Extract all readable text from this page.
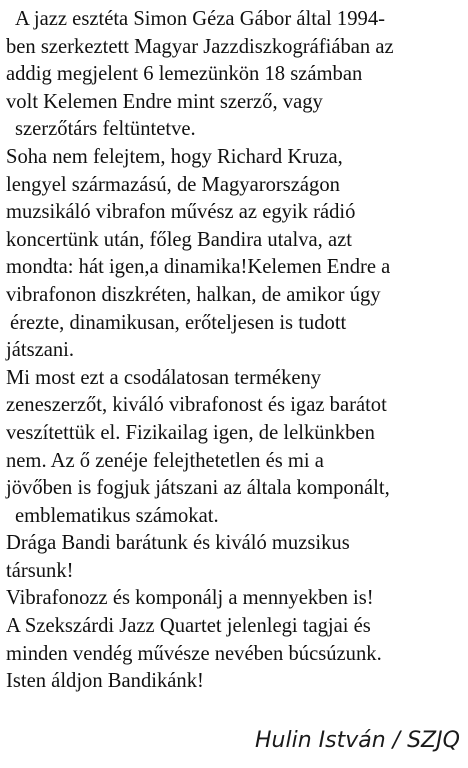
A jazz esztéta Simon Géza Gábor által 1994-
ben szerkeztett Magyar Jazzdiszkográfiában az
addig megjelent 6 lemezünkön 18 számban
volt Kelemen Endre mint szerző, vagy
szerzőtárs feltüntetve.
Soha nem felejtem, hogy Richard Kruza,
lengyel származású, de Magyarországon
muzsikáló vibrafon művész az egyik rádió
koncertünk után, főleg Bandira utalva, azt
mondta: hát igen,a dinamika!Kelemen Endre a
vibrafonon diszkréten, halkan, de amikor úgy
érezte, dinamikusan, erőteljesen is tudott
játszani.
Mi most ezt a csodálatosan termékeny
zeneszerzőt, kiváló vibrafonost és igaz barátot
veszítettük el. Fizikailag igen, de lelkünkben
nem. Az ő zenéje felejthetetlen és mi a
jövőben is fogjuk játszani az általa komponált,
emblematikus számokat.
Drága Bandi barátunk és kiváló muzsikus
társunk!
Vibrafonozz és komponálj a mennyekben is!
A Szekszárdi Jazz Quartet jelenlegi tagjai és
minden vendég művésze nevében búcsúzunk.
Isten áldjon Bandikánk!
Hulin István / SZJQ
